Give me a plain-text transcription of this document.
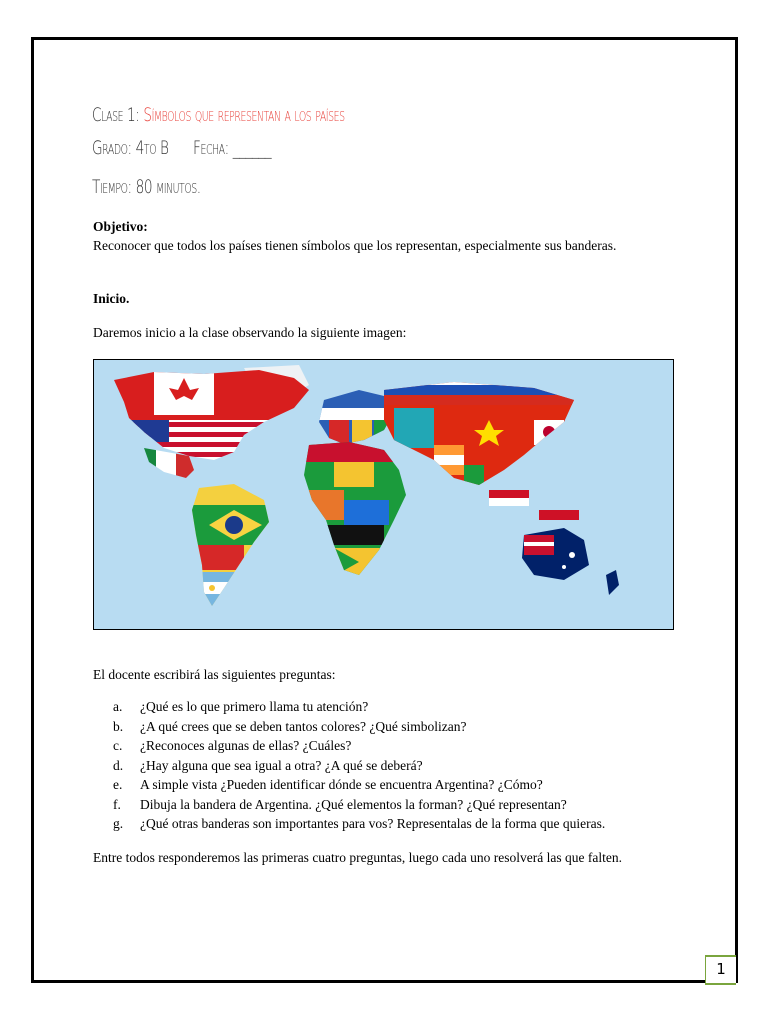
Clase 1: Símbolos que representan a los países
Grado: 4to B Fecha: ______
Tiempo: 80 minutos.
Objetivo:
Reconocer que todos los países tienen símbolos que los representan, especialmente sus banderas.
Inicio.
Daremos inicio a la clase observando la siguiente imagen:
El docente escribirá las siguientes preguntas:
a. ¿Qué es lo que primero llama tu atención?
b. ¿A qué crees que se deben tantos colores? ¿Qué simbolizan?
c. ¿Reconoces algunas de ellas? ¿Cuáles?
d. ¿Hay alguna que sea igual a otra? ¿A qué se deberá?
e. A simple vista ¿Pueden identificar dónde se encuentra Argentina? ¿Cómo?
f. Dibuja la bandera de Argentina. ¿Qué elementos la forman? ¿Qué representan?
g. ¿Qué otras banderas son importantes para vos? Representalas de la forma que quieras.
Entre todos responderemos las primeras cuatro preguntas, luego cada uno resolverá las que falten.
1
